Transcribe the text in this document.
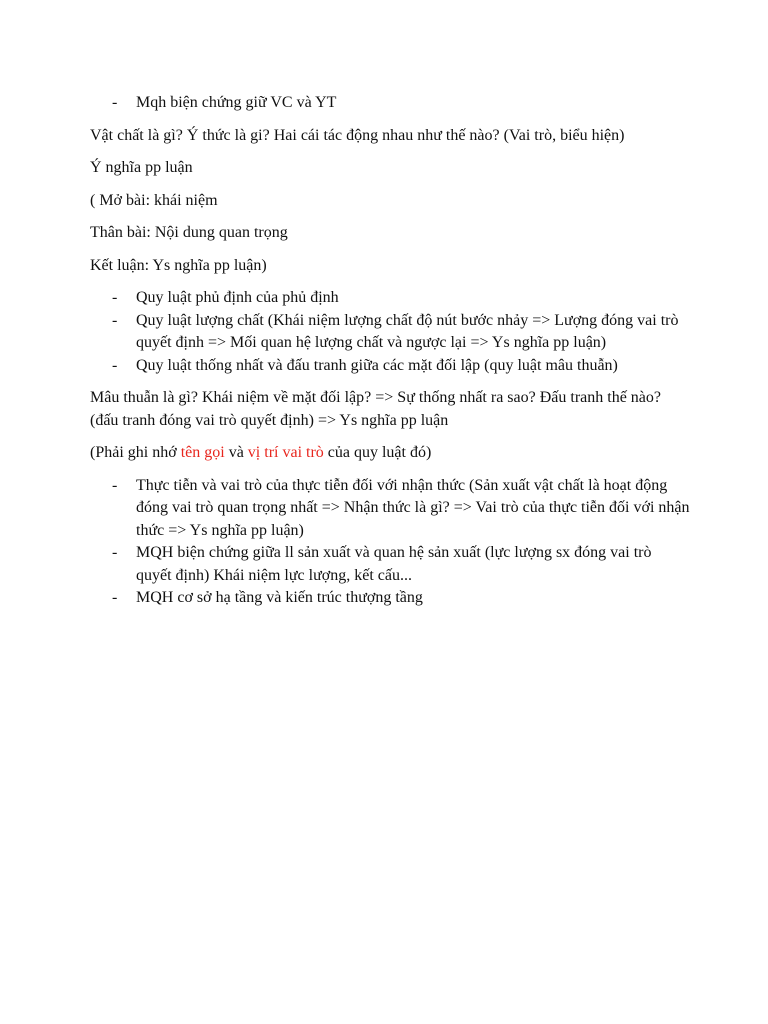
- Mqh biện chứng giữ VC và YT

Vật chất là gì? Ý thức là gi? Hai cái tác động nhau như thế nào? (Vai trò, biểu hiện)

Ý nghĩa pp luận

( Mở bài: khái niệm

Thân bài: Nội dung quan trọng

Kết luận: Ys nghĩa pp luận)

- Quy luật phủ định của phủ định
- Quy luật lượng chất (Khái niệm lượng chất độ nút bước nhảy => Lượng đóng vai trò quyết định => Mối quan hệ lượng chất và ngược lại => Ys nghĩa pp luận)
- Quy luật thống nhất và đấu tranh giữa các mặt đối lập (quy luật mâu thuẫn)

Mâu thuẫn là gì? Khái niệm về mặt đối lập? => Sự thống nhất ra sao? Đấu tranh thế nào? (đấu tranh đóng vai trò quyết định) => Ys nghĩa pp luận

(Phải ghi nhớ tên gọi và vị trí vai trò của quy luật đó)

- Thực tiễn và vai trò của thực tiễn đối với nhận thức (Sản xuất vật chất là hoạt động đóng vai trò quan trọng nhất => Nhận thức là gì? => Vai trò của thực tiễn đối với nhận thức => Ys nghĩa pp luận)
- MQH biện chứng giữa ll sản xuất và quan hệ sản xuất (lực lượng sx đóng vai trò quyết định) Khái niệm lực lượng, kết cấu...
- MQH cơ sở hạ tầng và kiến trúc thượng tầng
